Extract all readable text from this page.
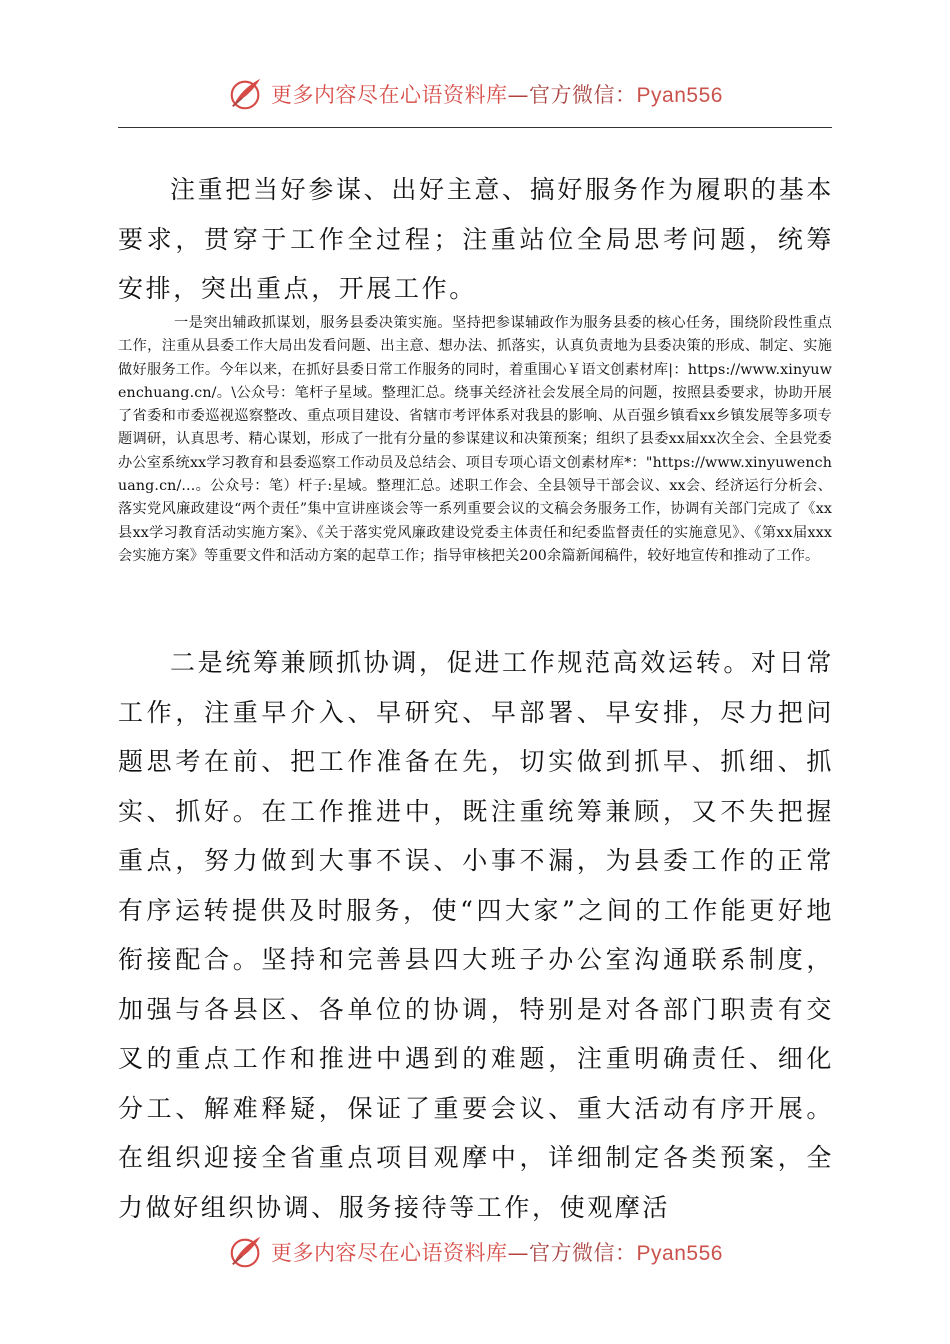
更多内容尽在心语资料库—官方微信：Pyan556

注重把当好参谋、出好主意、搞好服务作为履职的基本要求，贯穿于工作全过程；注重站位全局思考问题，统筹安排，突出重点，开展工作。

一是突出辅政抓谋划，服务县委决策实施。坚持把参谋辅政作为服务县委的核心任务，围绕阶段性重点工作，注重从县委工作大局出发看问题、出主意、想办法、抓落实，认真负责地为县委决策的形成、制定、实施做好服务工作。今年以来，在抓好县委日常工作服务的同时，着重围心￥语文创素材库|：https://www.xinyuwenchuang.cn/。\公众号：笔杆子星域。整理汇总。绕事关经济社会发展全局的问题，按照县委要求，协助开展了省委和市委巡视巡察整改、重点项目建设、省辖市考评体系对我县的影响、从百强乡镇看xx乡镇发展等多项专题调研，认真思考、精心谋划，形成了一批有分量的参谋建议和决策预案；组织了县委xx届xx次全会、全县党委办公室系统xx学习教育和县委巡察工作动员及总结会、项目专项心语文创素材库*："https://www.xinyuwenchuang.cn/...。公众号：笔）杆子:星域。整理汇总。述职工作会、全县领导干部会议、xx会、经济运行分析会、落实党风廉政建设“两个责任”集中宣讲座谈会等一系列重要会议的文稿会务服务工作，协调有关部门完成了《xx县xx学习教育活动实施方案》、《关于落实党风廉政建设党委主体责任和纪委监督责任的实施意见》、《第xx届xxx会实施方案》等重要文件和活动方案的起草工作；指导审核把关200余篇新闻稿件，较好地宣传和推动了工作。

二是统筹兼顾抓协调，促进工作规范高效运转。对日常工作，注重早介入、早研究、早部署、早安排，尽力把问题思考在前、把工作准备在先，切实做到抓早、抓细、抓实、抓好。在工作推进中，既注重统筹兼顾，又不失把握重点，努力做到大事不误、小事不漏，为县委工作的正常有序运转提供及时服务，使“四大家”之间的工作能更好地衔接配合。坚持和完善县四大班子办公室沟通联系制度，加强与各县区、各单位的协调，特别是对各部门职责有交叉的重点工作和推进中遇到的难题，注重明确责任、细化分工、解难释疑，保证了重要会议、重大活动有序开展。在组织迎接全省重点项目观摩中，详细制定各类预案，全力做好组织协调、服务接待等工作，使观摩活

更多内容尽在心语资料库—官方微信：Pyan556
